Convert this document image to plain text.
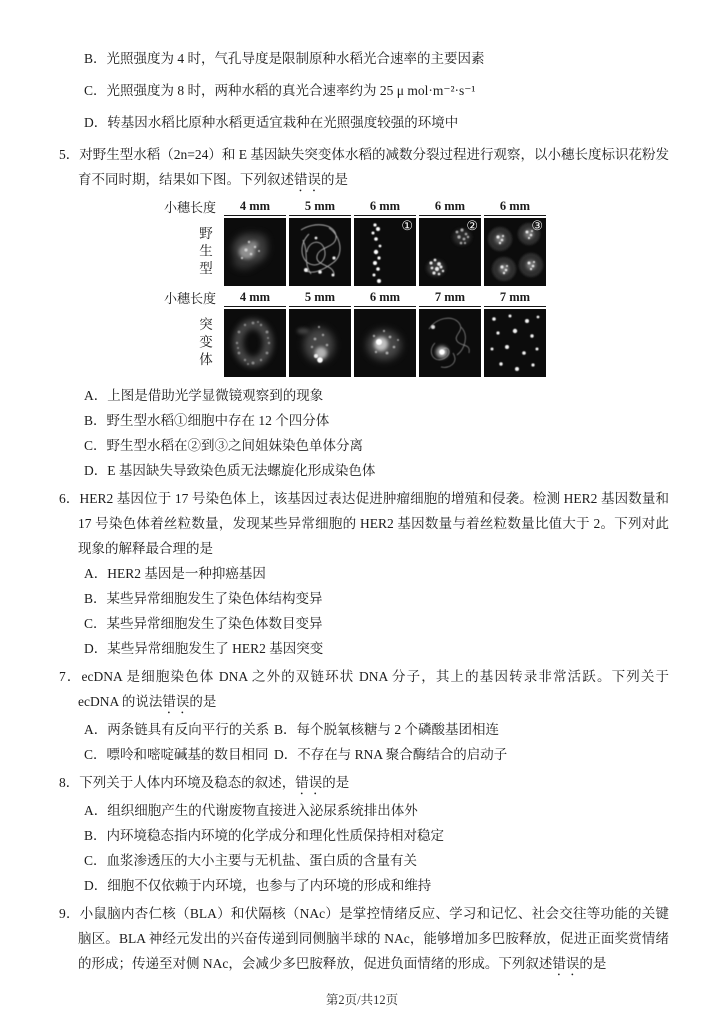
B．光照强度为 4 时，气孔导度是限制原种水稻光合速率的主要因素
C．光照强度为 8 时，两种水稻的真光合速率约为 25 μ mol·m⁻²·s⁻¹
D．转基因水稻比原种水稻更适宜栽种在光照强度较强的环境中

5．对野生型水稻（2n=24）和 E 基因缺失突变体水稻的减数分裂过程进行观察，以小穗长度标识花粉发育不同时期，结果如下图。下列叙述错误的是

小穗长度	4 mm	5 mm	6 mm	6 mm	6 mm
野生型
①	②	③
小穗长度	4 mm	5 mm	6 mm	7 mm	7 mm
突变体
A．上图是借助光学显微镜观察到的现象
B．野生型水稻①细胞中存在 12 个四分体
C．野生型水稻在②到③之间姐妹染色单体分离
D．E 基因缺失导致染色质无法螺旋化形成染色体

6．HER2 基因位于 17 号染色体上，该基因过表达促进肿瘤细胞的增殖和侵袭。检测 HER2 基因数量和 17 号染色体着丝粒数量，发现某些异常细胞的 HER2 基因数量与着丝粒数量比值大于 2。下列对此现象的解释最合理的是

A．HER2 基因是一种抑癌基因
B．某些异常细胞发生了染色体结构变异
C．某些异常细胞发生了染色体数目变异
D．某些异常细胞发生了 HER2 基因突变

7．ecDNA 是细胞染色体 DNA 之外的双链环状 DNA 分子，其上的基因转录非常活跃。下列关于 ecDNA 的说法错误的是

A．两条链具有反向平行的关系 B．每个脱氧核糖与 2 个磷酸基团相连
C．嘌呤和嘧啶碱基的数目相同 D．不存在与 RNA 聚合酶结合的启动子

8．下列关于人体内环境及稳态的叙述，错误的是

A．组织细胞产生的代谢废物直接进入泌尿系统排出体外
B．内环境稳态指内环境的化学成分和理化性质保持相对稳定
C．血浆渗透压的大小主要与无机盐、蛋白质的含量有关
D．细胞不仅依赖于内环境，也参与了内环境的形成和维持

9．小鼠脑内杏仁核（BLA）和伏隔核（NAc）是掌控情绪反应、学习和记忆、社会交往等功能的关键脑区。BLA 神经元发出的兴奋传递到同侧脑半球的 NAc，能够增加多巴胺释放，促进正面奖赏情绪的形成；传递至对侧 NAc，会减少多巴胺释放，促进负面情绪的形成。下列叙述错误的是

第2页/共12页
